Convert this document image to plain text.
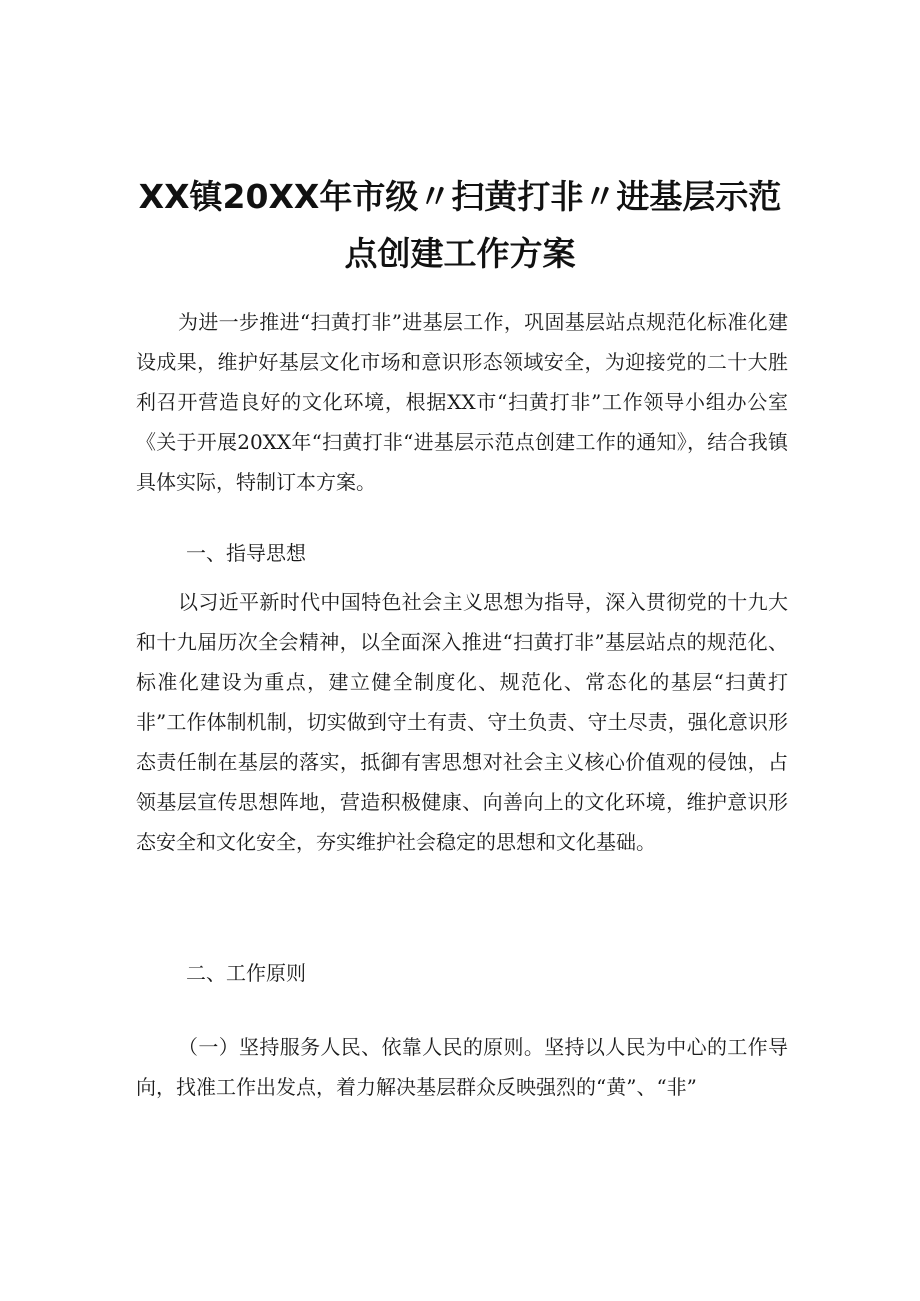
XX镇20XX年市级〃扫黄打非〃进基层示范
点创建工作方案

为进一步推进“扫黄打非”进基层工作，巩固基层站点规范化标准化建设成果，维护好基层文化市场和意识形态领域安全，为迎接党的二十大胜利召开营造良好的文化环境，根据XX市“扫黄打非”工作领导小组办公室《关于开展20XX年“扫黄打非“进基层示范点创建工作的通知》，结合我镇具体实际，特制订本方案。

一、指导思想

以习近平新时代中国特色社会主义思想为指导，深入贯彻党的十九大和十九届历次全会精神，以全面深入推进“扫黄打非”基层站点的规范化、标准化建设为重点，建立健全制度化、规范化、常态化的基层“扫黄打非”工作体制机制，切实做到守土有责、守土负责、守土尽责，强化意识形态责任制在基层的落实，抵御有害思想对社会主义核心价值观的侵蚀，占领基层宣传思想阵地，营造积极健康、向善向上的文化环境，维护意识形态安全和文化安全，夯实维护社会稳定的思想和文化基础。

二、工作原则

（一）坚持服务人民、依靠人民的原则。坚持以人民为中心的工作导向，找准工作出发点，着力解决基层群众反映强烈的“黄”、“非”
